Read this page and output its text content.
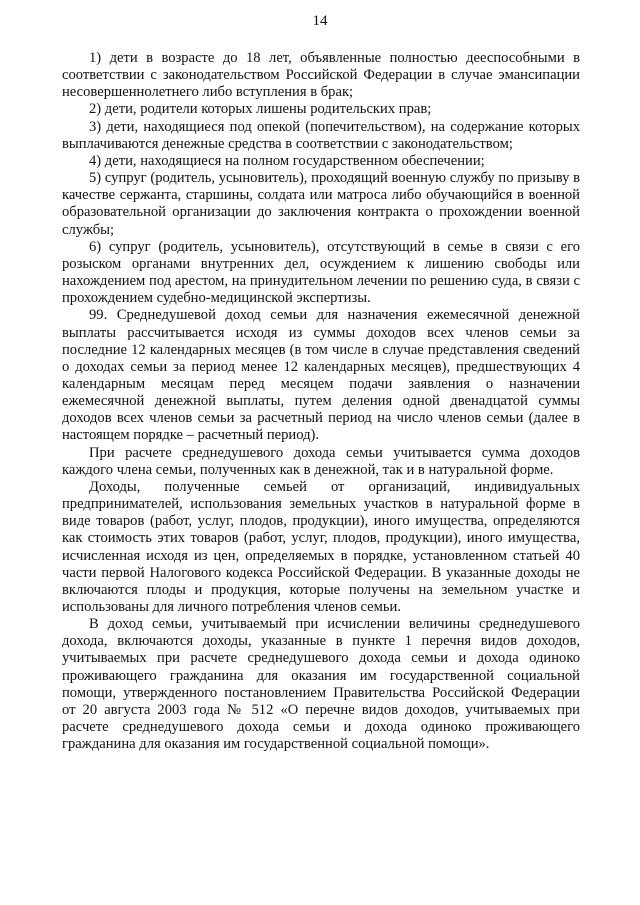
14

1) дети в возрасте до 18 лет, объявленные полностью дееспособными в соответствии с законодательством Российской Федерации в случае эмансипации несовершеннолетнего либо вступления в брак;

2) дети, родители которых лишены родительских прав;

3) дети, находящиеся под опекой (попечительством), на содержание которых выплачиваются денежные средства в соответствии с законодательством;

4) дети, находящиеся на полном государственном обеспечении;

5) супруг (родитель, усыновитель), проходящий военную службу по призыву в качестве сержанта, старшины, солдата или матроса либо обучающийся в военной образовательной организации до заключения контракта о прохождении военной службы;

6) супруг (родитель, усыновитель), отсутствующий в семье в связи с его розыском органами внутренних дел, осуждением к лишению свободы или нахождением под арестом, на принудительном лечении по решению суда, в связи с прохождением судебно-медицинской экспертизы.

99. Среднедушевой доход семьи для назначения ежемесячной денежной выплаты рассчитывается исходя из суммы доходов всех членов семьи за последние 12 календарных месяцев (в том числе в случае представления сведений о доходах семьи за период менее 12 календарных месяцев), предшествующих 4 календарным месяцам перед месяцем подачи заявления о назначении ежемесячной денежной выплаты, путем деления одной двенадцатой суммы доходов всех членов семьи за расчетный период на число членов семьи (далее в настоящем порядке – расчетный период).

При расчете среднедушевого дохода семьи учитывается сумма доходов каждого члена семьи, полученных как в денежной, так и в натуральной форме.

Доходы, полученные семьей от организаций, индивидуальных предпринимателей, использования земельных участков в натуральной форме в виде товаров (работ, услуг, плодов, продукции), иного имущества, определяются как стоимость этих товаров (работ, услуг, плодов, продукции), иного имущества, исчисленная исходя из цен, определяемых в порядке, установленном статьей 40 части первой Налогового кодекса Российской Федерации. В указанные доходы не включаются плоды и продукция, которые получены на земельном участке и использованы для личного потребления членов семьи.

В доход семьи, учитываемый при исчислении величины среднедушевого дохода, включаются доходы, указанные в пункте 1 перечня видов доходов, учитываемых при расчете среднедушевого дохода семьи и дохода одиноко проживающего гражданина для оказания им государственной социальной помощи, утвержденного постановлением Правительства Российской Федерации от 20 августа 2003 года № 512 «О перечне видов доходов, учитываемых при расчете среднедушевого дохода семьи и дохода одиноко проживающего гражданина для оказания им государственной социальной помощи».
